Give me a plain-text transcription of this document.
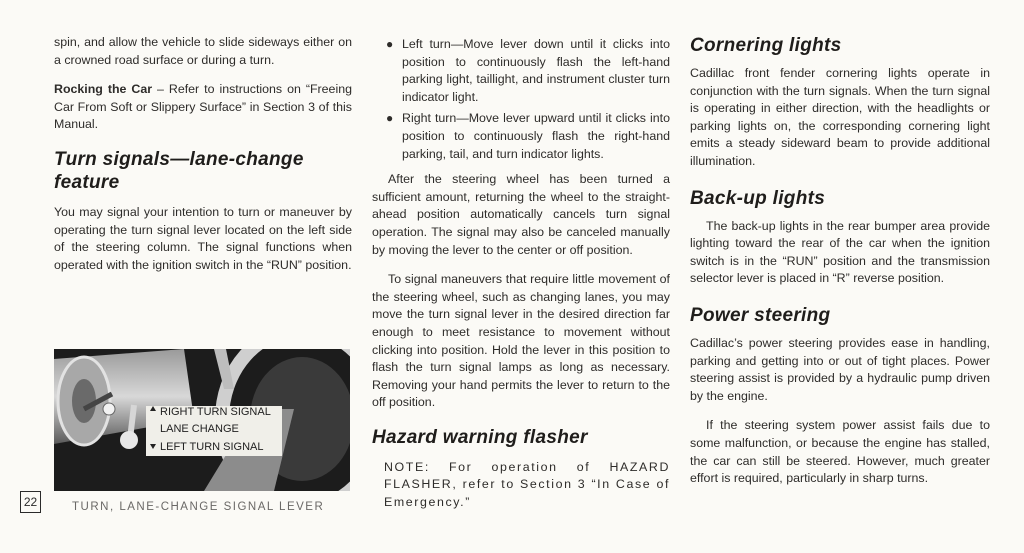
spin, and allow the vehicle to slide sideways either on a crowned road surface or during a turn.

Rocking the Car – Refer to instructions on “Freeing Car From Soft or Slippery Surface” in Section 3 of this Manual.

Turn signals—lane-change feature

You may signal your intention to turn or maneuver by operating the turn signal lever located on the left side of the steering column. The signal functions when operated with the ignition switch in the “RUN” position.

RIGHT TURN SIGNAL
LANE CHANGE
LEFT TURN SIGNAL
TURN, LANE-CHANGE SIGNAL LEVER
22
● Left turn—Move lever down until it clicks into position to continuously flash the left-hand parking light, taillight, and instrument cluster turn indicator light.
● Right turn—Move lever upward until it clicks into position to continuously flash the right-hand parking, tail, and turn indicator lights.

After the steering wheel has been turned a sufficient amount, returning the wheel to the straight-ahead position automatically cancels turn signal operation. The signal may also be canceled manually by moving the lever to the center or off position.

To signal maneuvers that require little movement of the steering wheel, such as changing lanes, you may move the turn signal lever in the desired direction far enough to meet resistance to movement without clicking into position. Hold the lever in this position to flash the turn signal lamps as long as necessary. Removing your hand permits the lever to return to the off position.

Hazard warning flasher

NOTE: For operation of HAZARD FLASHER, refer to Section 3 “In Case of Emergency.”

Cornering lights

Cadillac front fender cornering lights operate in conjunction with the turn signals. When the turn signal is operating in either direction, with the headlights or parking lights on, the corresponding cornering light emits a steady sideward beam to provide additional illumination.

Back-up lights

The back-up lights in the rear bumper area provide lighting toward the rear of the car when the ignition switch is in the “RUN” position and the transmission selector lever is placed in “R” reverse position.

Power steering

Cadillac’s power steering provides ease in handling, parking and getting into or out of tight places. Power steering assist is provided by a hydraulic pump driven by the engine.

If the steering system power assist fails due to some malfunction, or because the engine has stalled, the car can still be steered. However, much greater effort is required, particularly in sharp turns.
